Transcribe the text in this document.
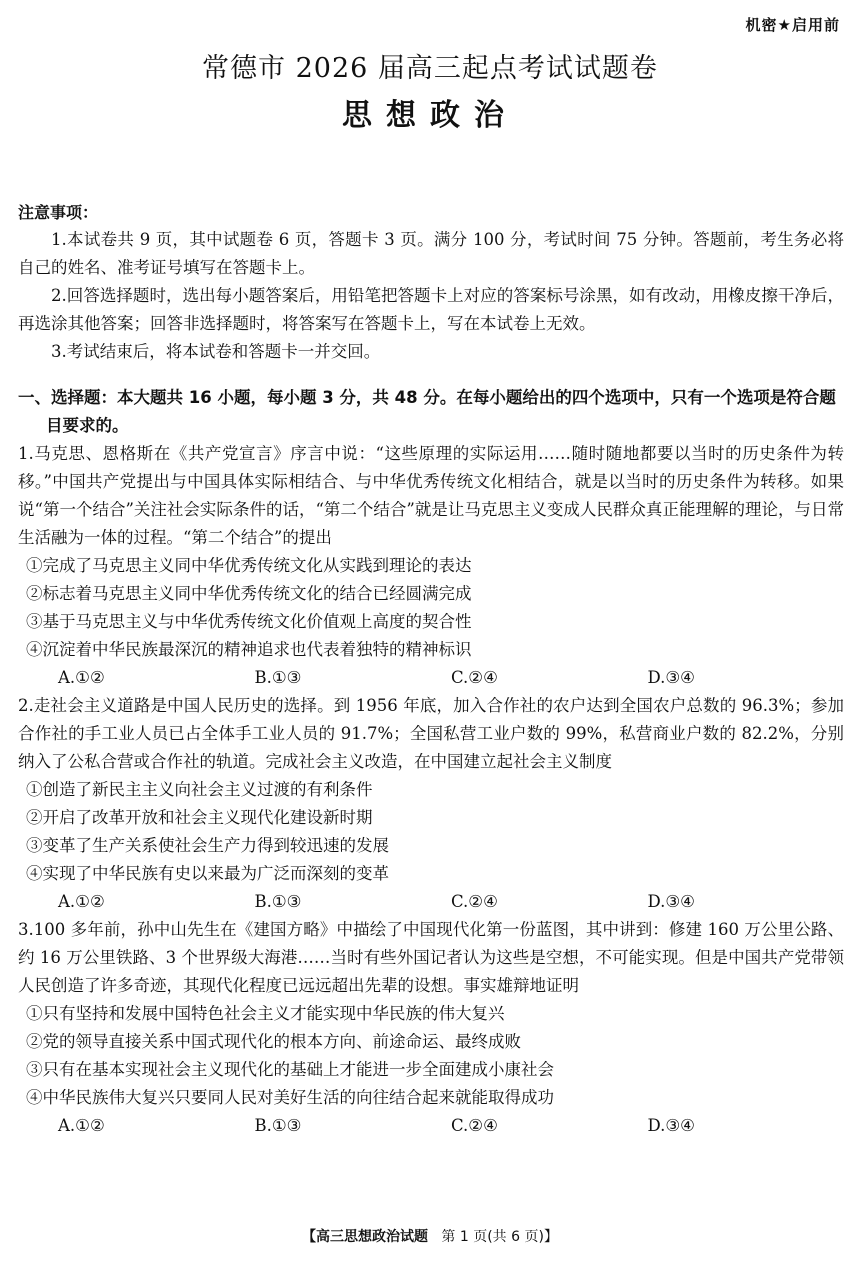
机密★启用前
常德市 2026 届高三起点考试试题卷
思想政治
注意事项：
1.本试卷共 9 页，其中试题卷 6 页，答题卡 3 页。满分 100 分，考试时间 75 分钟。答题前，考生务必将自己的姓名、准考证号填写在答题卡上。
2.回答选择题时，选出每小题答案后，用铅笔把答题卡上对应的答案标号涂黑，如有改动，用橡皮擦干净后，再选涂其他答案；回答非选择题时，将答案写在答题卡上，写在本试卷上无效。
3.考试结束后，将本试卷和答题卡一并交回。
一、选择题：本大题共 16 小题，每小题 3 分，共 48 分。在每小题给出的四个选项中，只有一个选项是符合题目要求的。
1.马克思、恩格斯在《共产党宣言》序言中说：“这些原理的实际运用……随时随地都要以当时的历史条件为转移。”中国共产党提出与中国具体实际相结合、与中华优秀传统文化相结合，就是以当时的历史条件为转移。如果说“第一个结合”关注社会实际条件的话，“第二个结合”就是让马克思主义变成人民群众真正能理解的理论，与日常生活融为一体的过程。“第二个结合”的提出
①完成了马克思主义同中华优秀传统文化从实践到理论的表达
②标志着马克思主义同中华优秀传统文化的结合已经圆满完成
③基于马克思主义与中华优秀传统文化价值观上高度的契合性
④沉淀着中华民族最深沉的精神追求也代表着独特的精神标识
A.①②	B.①③	C.②④	D.③④
2.走社会主义道路是中国人民历史的选择。到 1956 年底，加入合作社的农户达到全国农户总数的 96.3%；参加合作社的手工业人员已占全体手工业人员的 91.7%；全国私营工业户数的 99%，私营商业户数的 82.2%，分别纳入了公私合营或合作社的轨道。完成社会主义改造，在中国建立起社会主义制度
①创造了新民主主义向社会主义过渡的有利条件
②开启了改革开放和社会主义现代化建设新时期
③变革了生产关系使社会生产力得到较迅速的发展
④实现了中华民族有史以来最为广泛而深刻的变革
A.①②	B.①③	C.②④	D.③④
3.100 多年前，孙中山先生在《建国方略》中描绘了中国现代化第一份蓝图，其中讲到：修建 160 万公里公路、约 16 万公里铁路、3 个世界级大海港……当时有些外国记者认为这些是空想，不可能实现。但是中国共产党带领人民创造了许多奇迹，其现代化程度已远远超出先辈的设想。事实雄辩地证明
①只有坚持和发展中国特色社会主义才能实现中华民族的伟大复兴
②党的领导直接关系中国式现代化的根本方向、前途命运、最终成败
③只有在基本实现社会主义现代化的基础上才能进一步全面建成小康社会
④中华民族伟大复兴只要同人民对美好生活的向往结合起来就能取得成功
A.①②	B.①③	C.②④	D.③④
【高三思想政治试题 第 1 页(共 6 页)】
